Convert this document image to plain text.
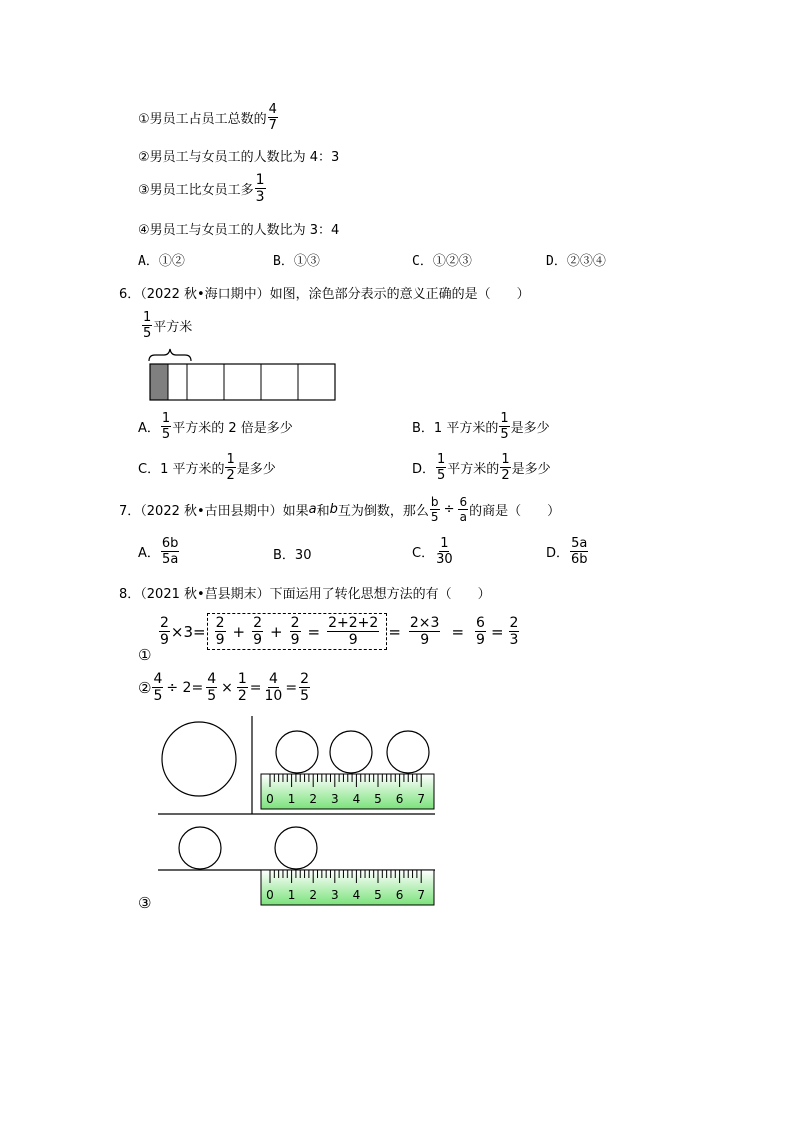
①男员工占员工总数的 $\frac{4}{7}$
②男员工与女员工的人数比为 4：3
③男员工比女员工多 $\frac{1}{3}$
④男员工与女员工的人数比为 3：4
A．①②	B．①③	C．①②③	D．②③④
6．（2022 秋•海口期中）如图，涂色部分表示的意义正确的是（　　）
$\frac{1}{5}$ 平方米
A． $\frac{1}{5}$ 平方米的 2 倍是多少	B．1 平方米的 $\frac{1}{5}$ 是多少
C．1 平方米的 $\frac{1}{2}$ 是多少	D． $\frac{1}{5}$ 平方米的 $\frac{1}{2}$ 是多少
7．（2022 秋•古田县期中）如果 a 和 b 互为倒数，那么 $\frac{b}{5} \div \frac{6}{a}$ 的商是（　　）
A． $\frac{6b}{5a}$	B．30	C． $\frac{1}{30}$	D． $\frac{5a}{6b}$
8．（2021 秋•莒县期末）下面运用了转化思想方法的有（　　）
①
$\frac{2}{9} \times 3 = \frac{2}{9} + \frac{2}{9} + \frac{2}{9} = \frac{2+2+2}{9} = \frac{2\times 3}{9} = \frac{6}{9} = \frac{2}{3}$
② $\frac{4}{5} \div 2= \frac{4}{5} \times \frac{1}{2} = \frac{4}{10} = \frac{2}{5}$
0 1 2 3 4 5 6 7
0 1 2 3 4 5 6 7
③
